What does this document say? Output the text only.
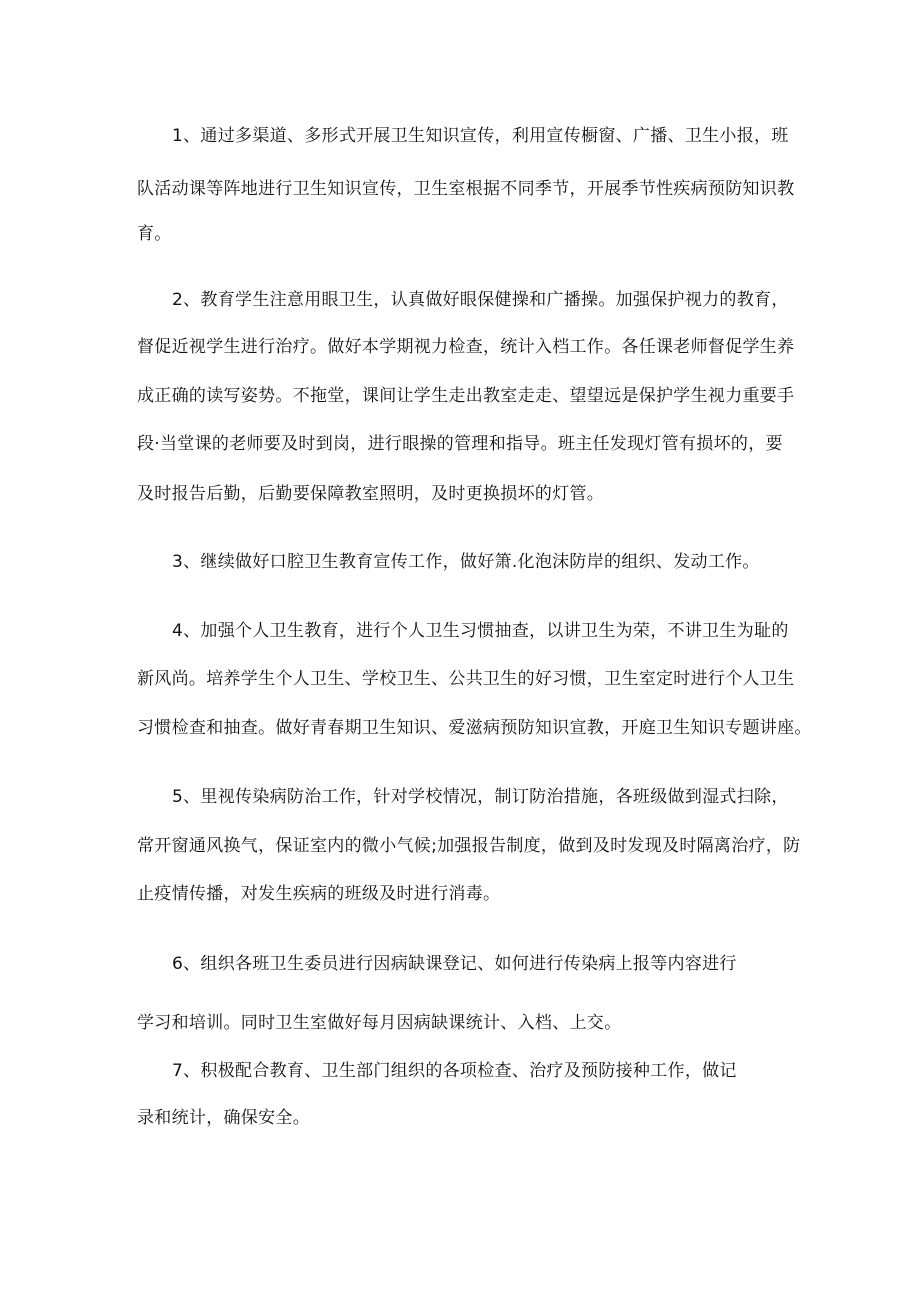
1、通过多渠道、多形式开展卫生知识宣传，利用宣传橱窗、广播、卫生小报，班
队活动课等阵地进行卫生知识宣传，卫生室根据不同季节，开展季节性疾病预防知识教
育。
2、教育学生注意用眼卫生，认真做好眼保健操和广播操。加强保护视力的教育，
督促近视学生进行治疗。做好本学期视力检查，统计入档工作。各任课老师督促学生养
成正确的读写姿势。不拖堂，课间让学生走出教室走走、望望远是保护学生视力重要手
段·当堂课的老师要及时到岗，进行眼操的管理和指导。班主任发现灯管有损坏的，要
及时报告后勤，后勤要保障教室照明，及时更换损坏的灯管。
3、继续做好口腔卫生教育宣传工作，做好箫.化泡沫防岸的组织、发动工作。
4、加强个人卫生教育，进行个人卫生习惯抽查，以讲卫生为荣，不讲卫生为耻的
新风尚。培养学生个人卫生、学校卫生、公共卫生的好习惯，卫生室定时进行个人卫生
习惯检查和抽查。做好青春期卫生知识、爱滋病预防知识宣教，开庭卫生知识专题讲座。
5、里视传染病防治工作，针对学校情况，制订防治措施，各班级做到湿式扫除，
常开窗通风换气，保证室内的微小气候;加强报告制度，做到及时发现及时隔离治疗，防
止疫情传播，对发生疾病的班级及时进行消毒。
6、组织各班卫生委员进行因病缺课登记、如何进行传染病上报等内容进行
学习和培训。同时卫生室做好每月因病缺课统计、入档、上交。
7、积极配合教育、卫生部门组织的各项检查、治疗及预防接种工作，做记
录和统计，确保安全。
